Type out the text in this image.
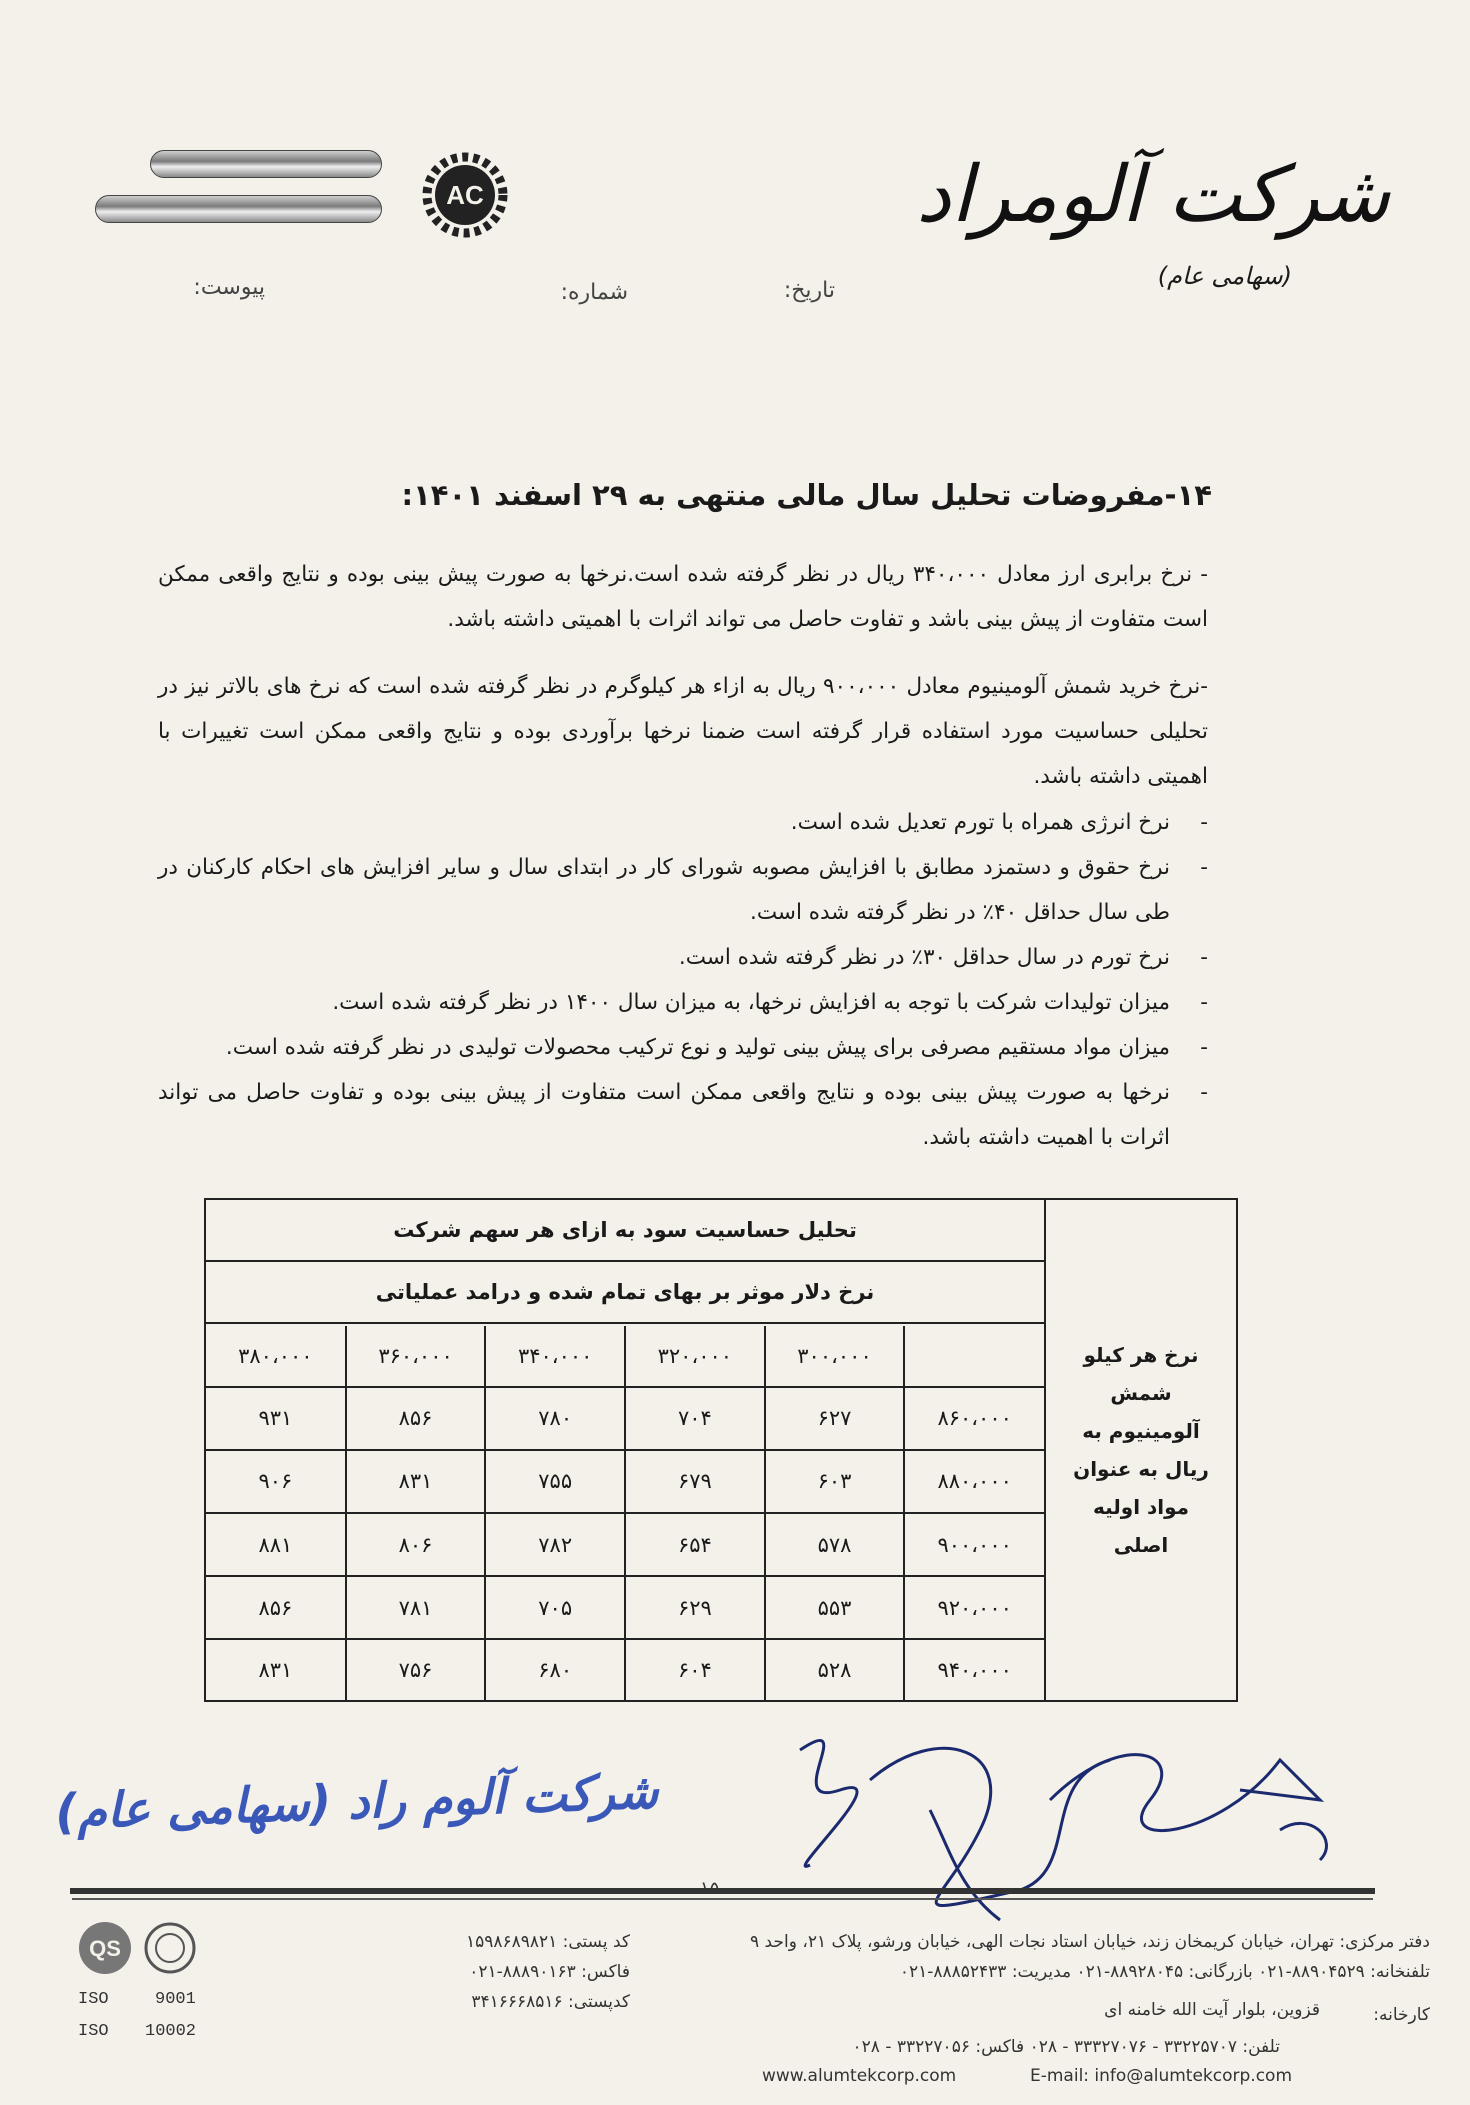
AC	شرکت آلومراد
(سهامی عام)
تاریخ:
شماره:
پیوست:
۱۴-مفروضات تحلیل سال مالی منتهی به ۲۹ اسفند ۱۴۰۱:
- نرخ برابری ارز معادل ۳۴۰،۰۰۰ ریال در نظر گرفته شده است.نرخها به صورت پیش بینی بوده و نتایج واقعی ممکن است متفاوت از پیش بینی باشد و تفاوت حاصل می تواند اثرات با اهمیتی داشته باشد.
-نرخ خرید شمش آلومینیوم معادل ۹۰۰،۰۰۰ ریال به ازاء هر کیلوگرم در نظر گرفته شده است که نرخ های بالاتر نیز در تحلیلی حساسیت مورد استفاده قرار گرفته است ضمنا نرخها برآوردی بوده و نتایج واقعی ممکن است تغییرات با اهمیتی داشته باشد.
- نرخ انرژی همراه با تورم تعدیل شده است.
- نرخ حقوق و دستمزد مطابق با افزایش مصوبه شورای کار در ابتدای سال و سایر افزایش های احکام کارکنان در طی سال حداقل ۴۰٪ در نظر گرفته شده است.
- نرخ تورم در سال حداقل ۳۰٪ در نظر گرفته شده است.
- میزان تولیدات شرکت با توجه به افزایش نرخها، به میزان سال ۱۴۰۰ در نظر گرفته شده است.
- میزان مواد مستقیم مصرفی برای پیش بینی تولید و نوع ترکیب محصولات تولیدی در نظر گرفته شده است.
- نرخها به صورت پیش بینی بوده و نتایج واقعی ممکن است متفاوت از پیش بینی بوده و تفاوت حاصل می تواند اثرات با اهمیت داشته باشد.
نرخ هر کیلو شمش آلومینیوم به ریال به عنوان مواد اولیه اصلی
تحلیل حساسیت سود به ازای هر سهم شرکت
نرخ دلار موثر بر بهای تمام شده و درامد عملیاتی
	۳۰۰،۰۰۰	۳۲۰،۰۰۰	۳۴۰،۰۰۰	۳۶۰،۰۰۰	۳۸۰،۰۰۰
۸۶۰،۰۰۰	۶۲۷	۷۰۴	۷۸۰	۸۵۶	۹۳۱
۸۸۰،۰۰۰	۶۰۳	۶۷۹	۷۵۵	۸۳۱	۹۰۶
۹۰۰،۰۰۰	۵۷۸	۶۵۴	۷۸۲	۸۰۶	۸۸۱
۹۲۰،۰۰۰	۵۵۳	۶۲۹	۷۰۵	۷۸۱	۸۵۶
۹۴۰،۰۰۰	۵۲۸	۶۰۴	۶۸۰	۷۵۶	۸۳۱
شرکت آلوم راد (سهامی عام)
دفتر مرکزی: تهران، خیابان کریمخان زند، خیابان استاد نجات الهی، خیابان ورشو، پلاک ۲۱، واحد ۹
کد پستی: ۱۵۹۸۶۸۹۸۲۱
تلفنخانه: ۸۸۹۰۴۵۲۹-۰۲۱ بازرگانی: ۸۸۹۲۸۰۴۵-۰۲۱ مدیریت: ۸۸۸۵۲۴۳۳-۰۲۱
فاکس: ۸۸۸۹۰۱۶۳-۰۲۱
کارخانه:
قزوین، بلوار آیت الله خامنه ای
کدپستی: ۳۴۱۶۶۶۸۵۱۶
تلفن: ۳۳۲۲۵۷۰۷ - ۳۳۳۲۷۰۷۶ - ۰۲۸ فاکس: ۳۳۲۲۷۰۵۶ - ۰۲۸
www.alumtekcorp.com	E-mail: info@alumtekcorp.com
QS
ISO	9001
ISO 10002
